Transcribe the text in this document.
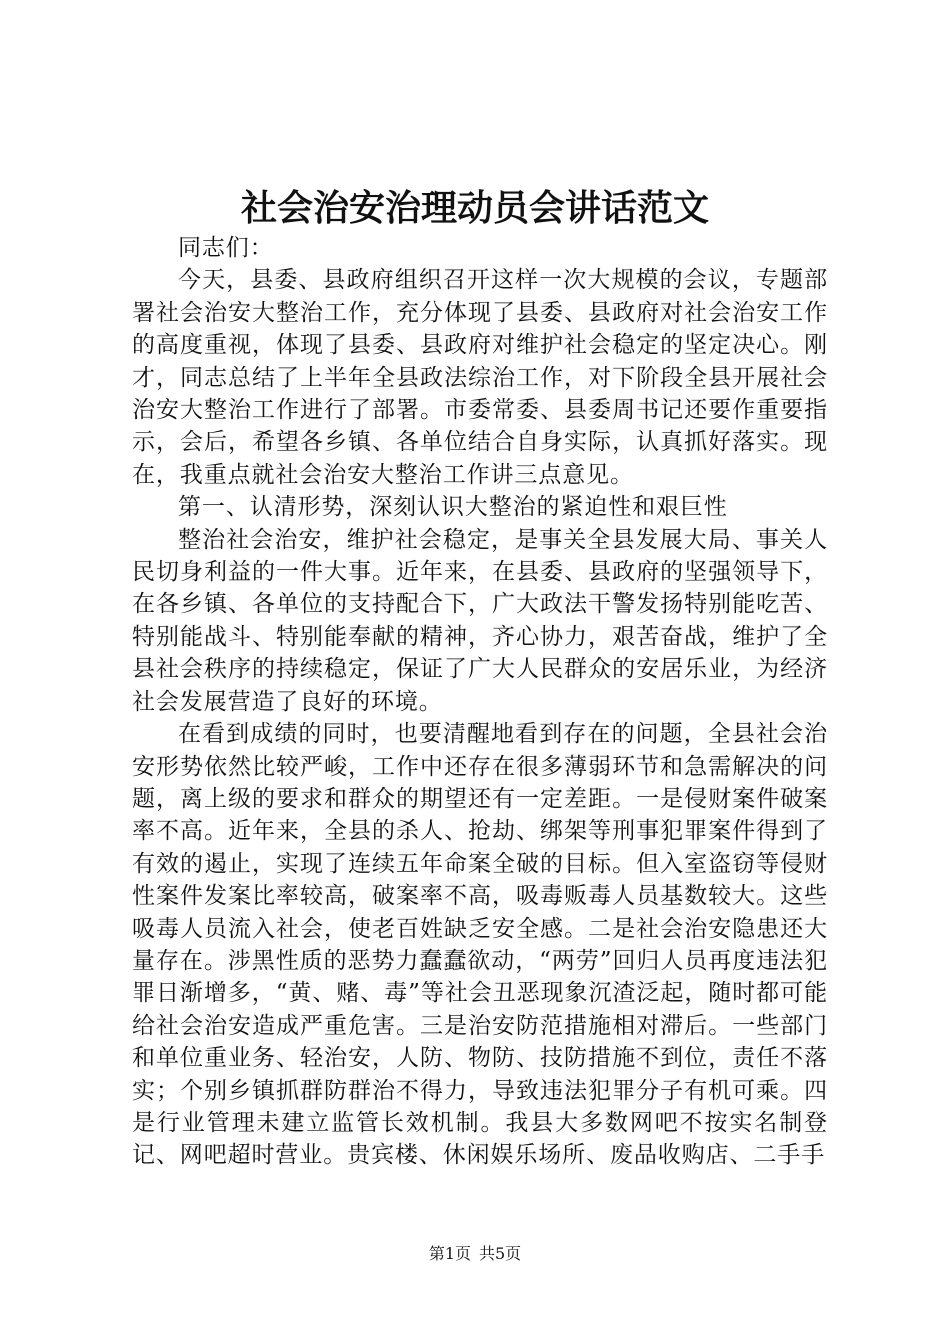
社会治安治理动员会讲话范文

同志们：

今天，县委、县政府组织召开这样一次大规模的会议，专题部署社会治安大整治工作，充分体现了县委、县政府对社会治安工作的高度重视，体现了县委、县政府对维护社会稳定的坚定决心。刚才，同志总结了上半年全县政法综治工作，对下阶段全县开展社会治安大整治工作进行了部署。市委常委、县委周书记还要作重要指示，会后，希望各乡镇、各单位结合自身实际，认真抓好落实。现在，我重点就社会治安大整治工作讲三点意见。

第一、认清形势，深刻认识大整治的紧迫性和艰巨性

整治社会治安，维护社会稳定，是事关全县发展大局、事关人民切身利益的一件大事。近年来，在县委、县政府的坚强领导下，在各乡镇、各单位的支持配合下，广大政法干警发扬特别能吃苦、特别能战斗、特别能奉献的精神，齐心协力，艰苦奋战，维护了全县社会秩序的持续稳定，保证了广大人民群众的安居乐业，为经济社会发展营造了良好的环境。

在看到成绩的同时，也要清醒地看到存在的问题，全县社会治安形势依然比较严峻，工作中还存在很多薄弱环节和急需解决的问题，离上级的要求和群众的期望还有一定差距。一是侵财案件破案率不高。近年来，全县的杀人、抢劫、绑架等刑事犯罪案件得到了有效的遏止，实现了连续五年命案全破的目标。但入室盗窃等侵财性案件发案比率较高，破案率不高，吸毒贩毒人员基数较大。这些吸毒人员流入社会，使老百姓缺乏安全感。二是社会治安隐患还大量存在。涉黑性质的恶势力蠢蠢欲动，“两劳”回归人员再度违法犯罪日渐增多，“黄、赌、毒”等社会丑恶现象沉渣泛起，随时都可能给社会治安造成严重危害。三是治安防范措施相对滞后。一些部门和单位重业务、轻治安，人防、物防、技防措施不到位，责任不落实；个别乡镇抓群防群治不得力，导致违法犯罪分子有机可乘。四是行业管理未建立监管长效机制。我县大多数网吧不按实名制登记、网吧超时营业。贵宾楼、休闲娱乐场所、废品收购店、二手手

第1页 共5页
